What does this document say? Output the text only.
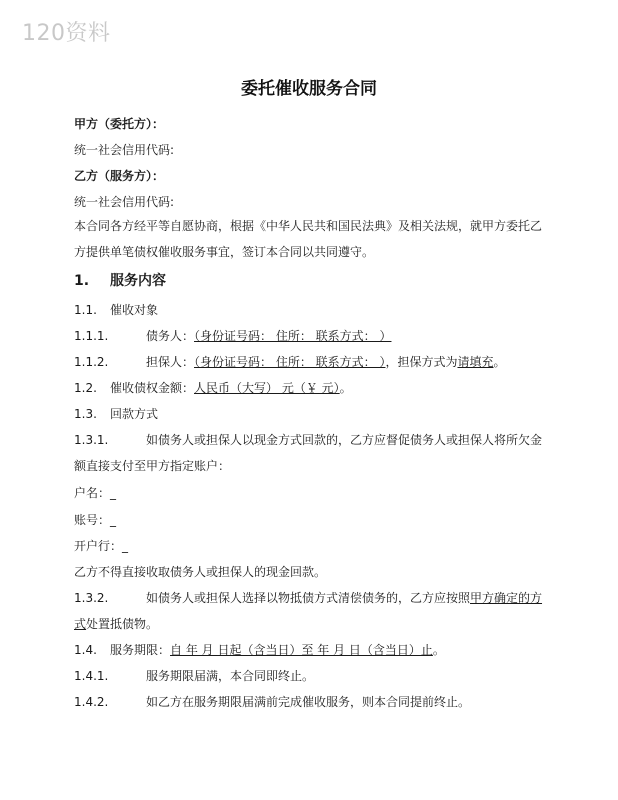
120资料
委托催收服务合同
甲方（委托方）：
统一社会信用代码:
乙方（服务方）：
统一社会信用代码:
本合同各方经平等自愿协商，根据《中华人民共和国民法典》及相关法规，就甲方委托乙方提供单笔债权催收服务事宜，签订本合同以共同遵守。
1. 服务内容
1.1. 催收对象
1.1.1.	债务人：（身份证号码： 住所： 联系方式： ）
1.1.2.	担保人：（身份证号码： 住所： 联系方式： ），担保方式为请填充。
1.2. 催收债权金额：人民币（大写） 元（￥ 元）。
1.3. 回款方式
1.3.1.	如债务人或担保人以现金方式回款的，乙方应督促债务人或担保人将所欠金
额直接支付至甲方指定账户：
户名：_
账号：_
开户行：_
乙方不得直接收取债务人或担保人的现金回款。
1.3.2.	如债务人或担保人选择以物抵债方式清偿债务的，乙方应按照甲方确定的方
式处置抵债物。
1.4. 服务期限：自 年 月 日起（含当日）至 年 月 日（含当日）止。
1.4.1.	服务期限届满，本合同即终止。
1.4.2.	如乙方在服务期限届满前完成催收服务，则本合同提前终止。
